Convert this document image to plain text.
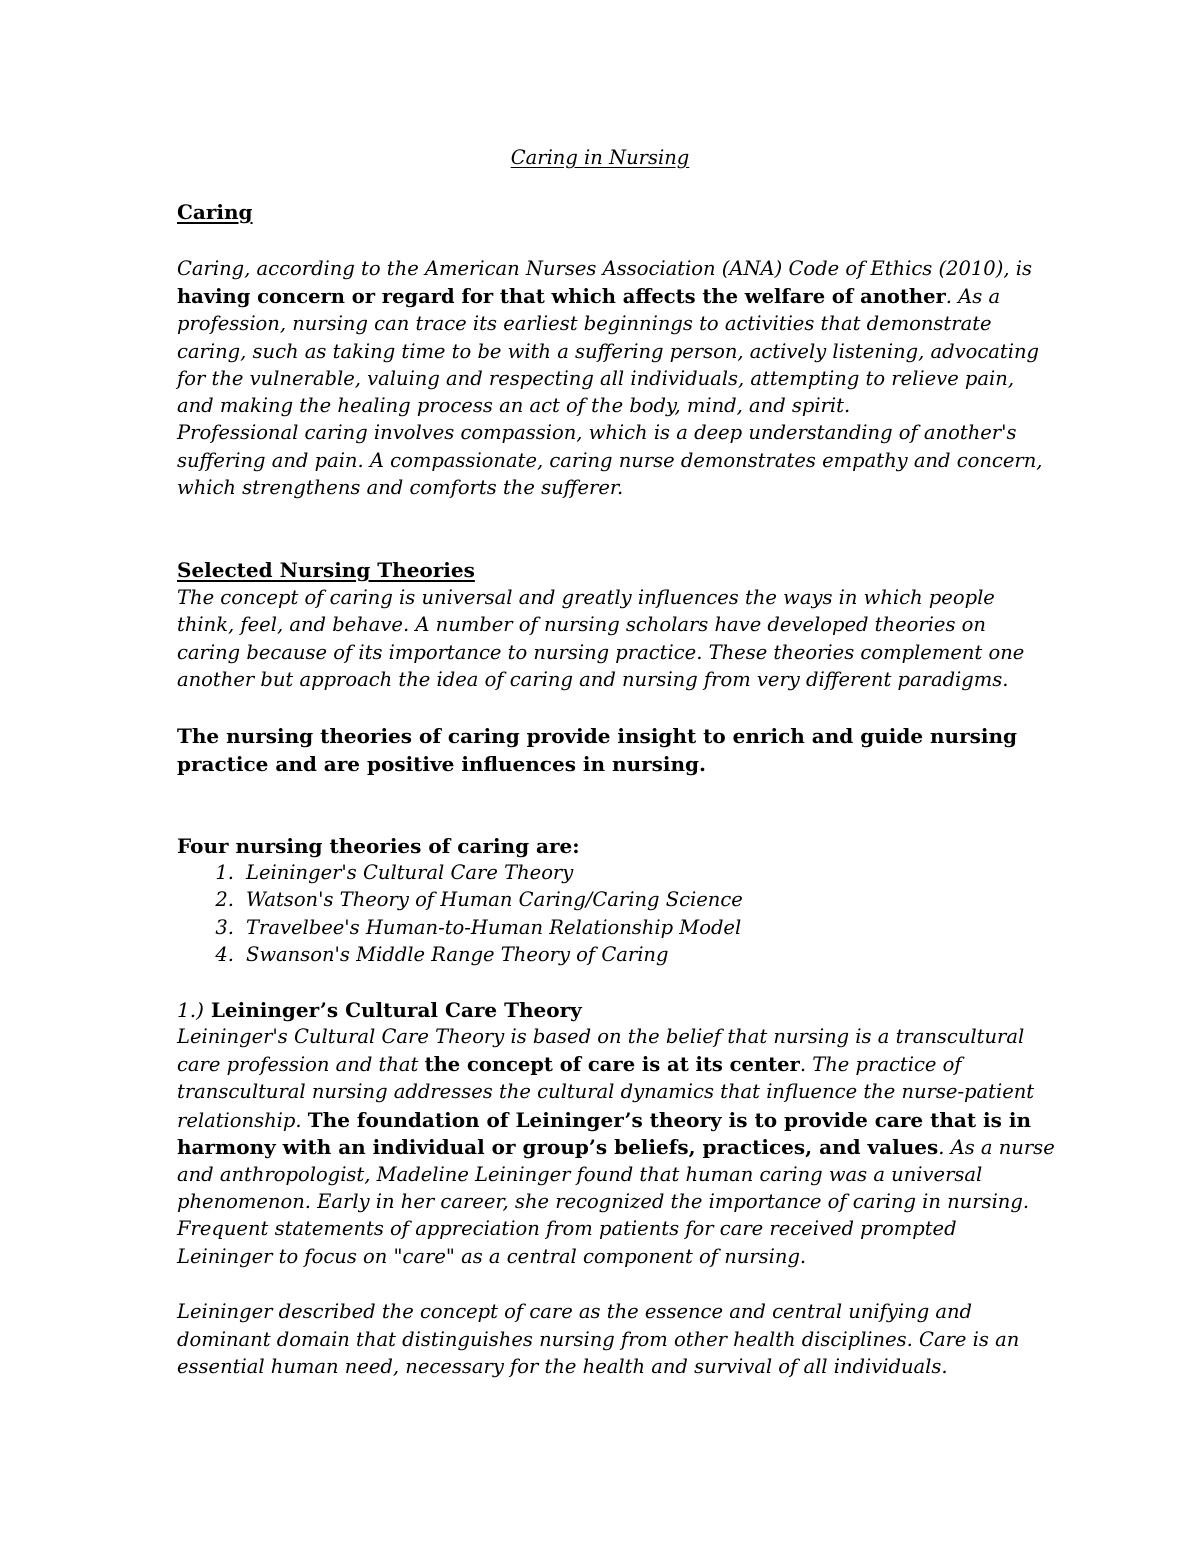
Caring in Nursing
Caring
Caring, according to the American Nurses Association (ANA) Code of Ethics (2010), is
having concern or regard for that which affects the welfare of another. As a
profession, nursing can trace its earliest beginnings to activities that demonstrate
caring, such as taking time to be with a suffering person, actively listening, advocating
for the vulnerable, valuing and respecting all individuals, attempting to relieve pain,
and making the healing process an act of the body, mind, and spirit.
Professional caring involves compassion, which is a deep understanding of another's
suffering and pain. A compassionate, caring nurse demonstrates empathy and concern,
which strengthens and comforts the sufferer.
Selected Nursing Theories
The concept of caring is universal and greatly influences the ways in which people
think, feel, and behave. A number of nursing scholars have developed theories on
caring because of its importance to nursing practice. These theories complement one
another but approach the idea of caring and nursing from very different paradigms.
The nursing theories of caring provide insight to enrich and guide nursing
practice and are positive influences in nursing.
Four nursing theories of caring are:
1. Leininger's Cultural Care Theory
2. Watson's Theory of Human Caring/Caring Science
3. Travelbee's Human-to-Human Relationship Model
4. Swanson's Middle Range Theory of Caring
1.) Leininger’s Cultural Care Theory
Leininger's Cultural Care Theory is based on the belief that nursing is a transcultural
care profession and that the concept of care is at its center. The practice of
transcultural nursing addresses the cultural dynamics that influence the nurse-patient
relationship. The foundation of Leininger’s theory is to provide care that is in
harmony with an individual or group’s beliefs, practices, and values. As a nurse
and anthropologist, Madeline Leininger found that human caring was a universal
phenomenon. Early in her career, she recognized the importance of caring in nursing.
Frequent statements of appreciation from patients for care received prompted
Leininger to focus on "care" as a central component of nursing.
Leininger described the concept of care as the essence and central unifying and
dominant domain that distinguishes nursing from other health disciplines. Care is an
essential human need, necessary for the health and survival of all individuals.
